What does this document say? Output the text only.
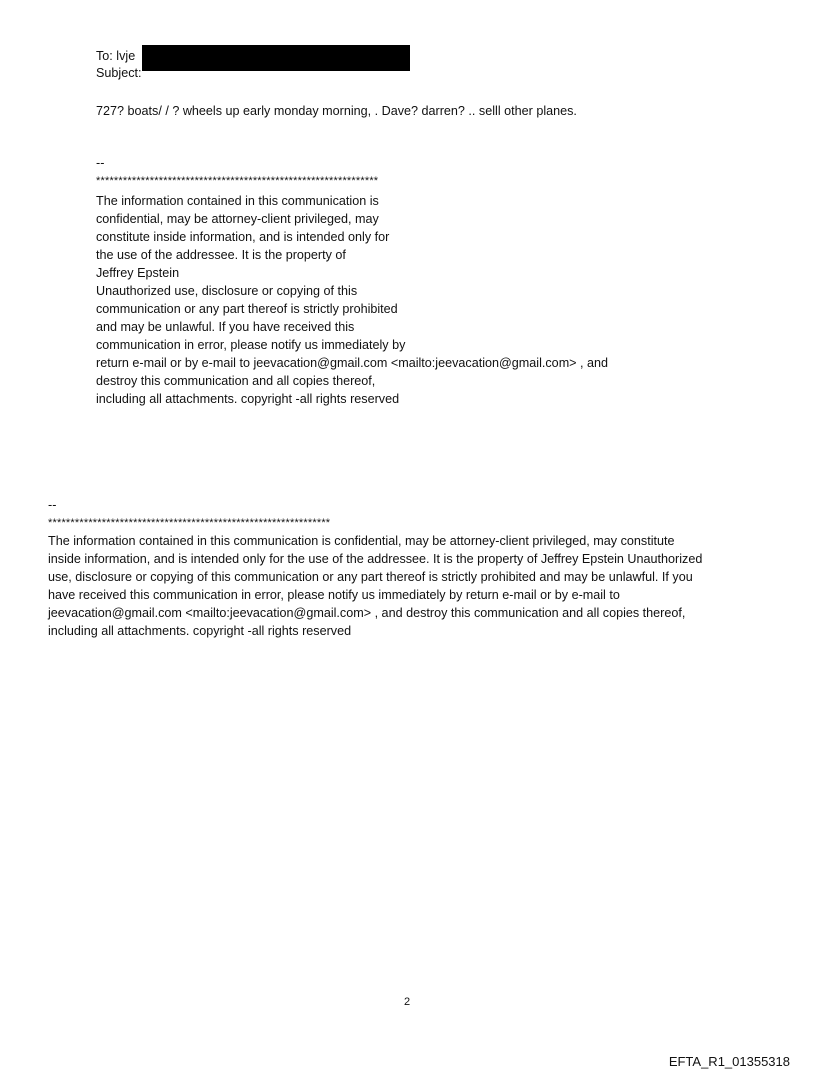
To: lvje
Subject:
727? boats/ / ? wheels up early monday morning, . Dave? darren? .. selll other planes.
--
***************************************************************
The information contained in this communication is
confidential, may be attorney-client privileged, may
constitute inside information, and is intended only for
the use of the addressee. It is the property of
Jeffrey Epstein
Unauthorized use, disclosure or copying of this
communication or any part thereof is strictly prohibited
and may be unlawful. If you have received this
communication in error, please notify us immediately by
return e-mail or by e-mail to jeevacation@gmail.com <mailto:jeevacation@gmail.com> , and
destroy this communication and all copies thereof,
including all attachments. copyright -all rights reserved
--
***************************************************************
The information contained in this communication is confidential, may be attorney-client privileged, may constitute
inside information, and is intended only for the use of the addressee. It is the property of Jeffrey Epstein Unauthorized
use, disclosure or copying of this communication or any part thereof is strictly prohibited and may be unlawful. If you
have received this communication in error, please notify us immediately by return e-mail or by e-mail to
jeevacation@gmail.com <mailto:jeevacation@gmail.com> , and destroy this communication and all copies thereof,
including all attachments. copyright -all rights reserved
2
EFTA_R1_01355318
